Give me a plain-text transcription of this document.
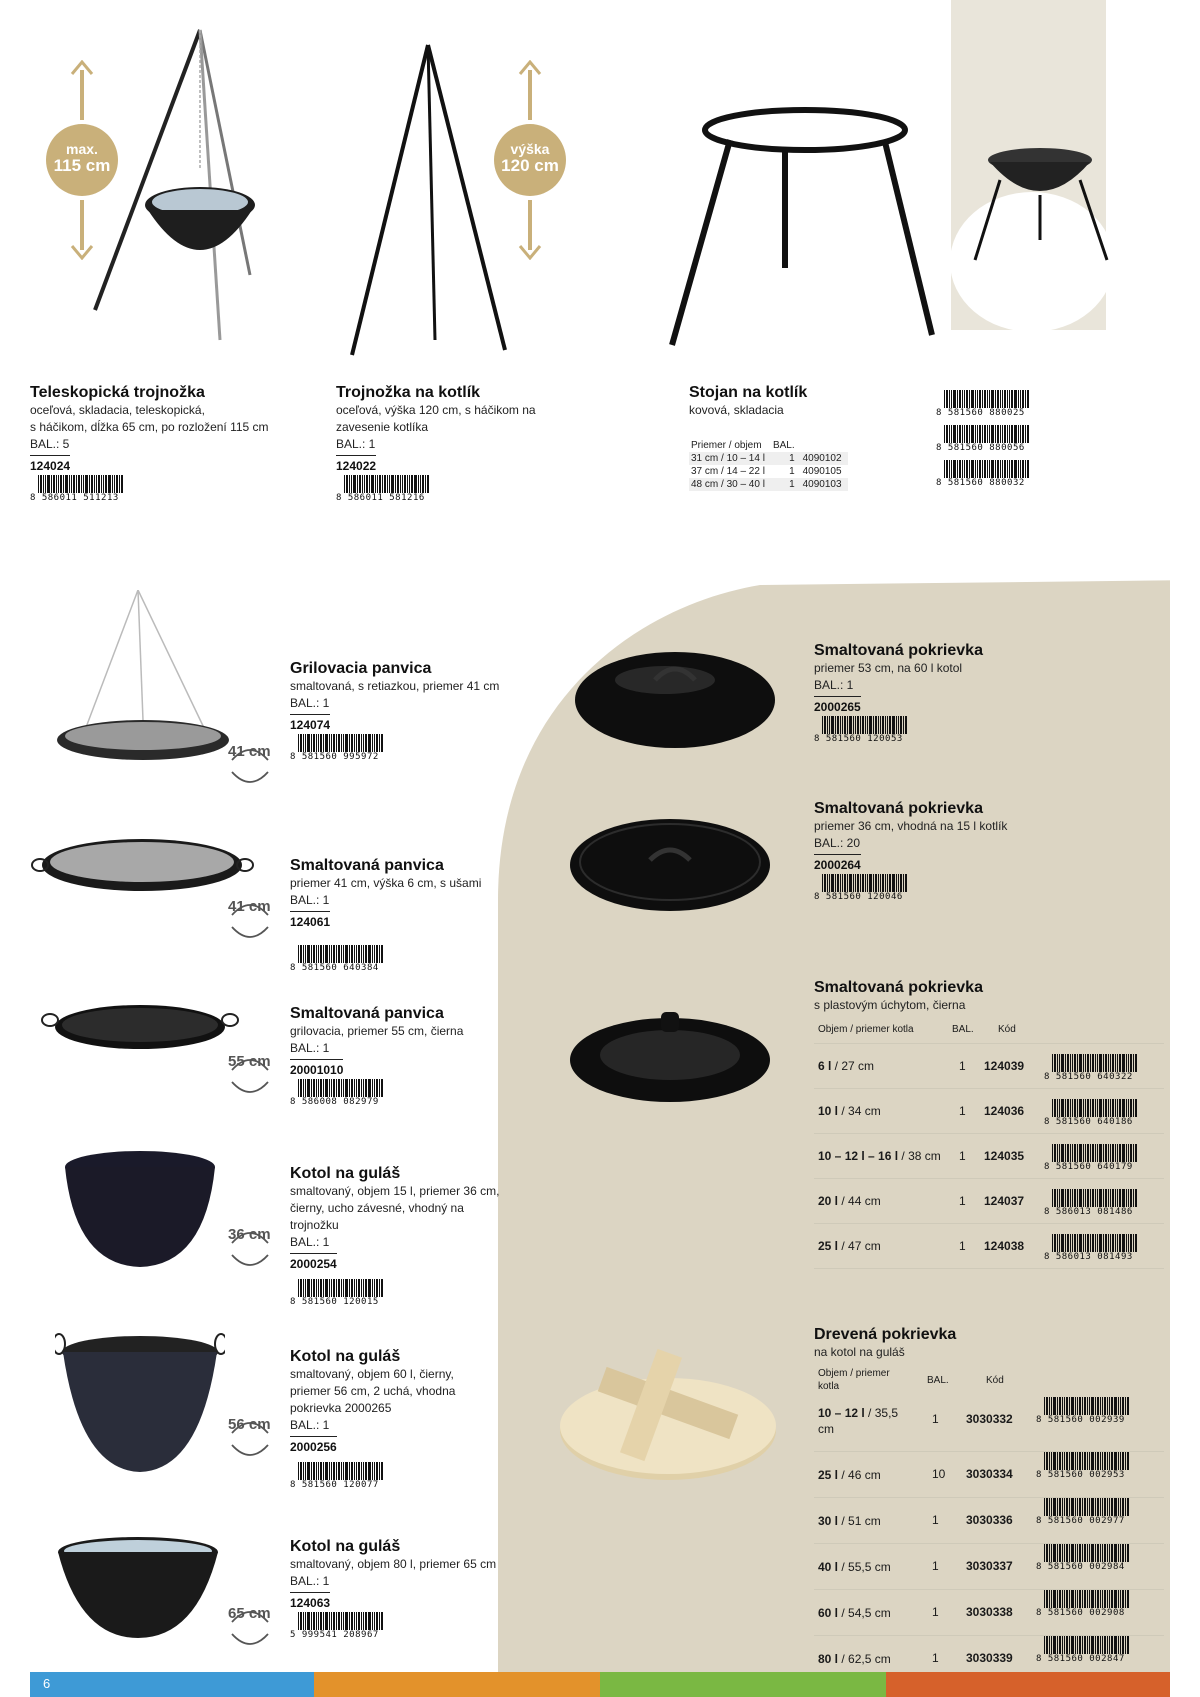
max.
115 cm
výška
120 cm
Teleskopická trojnožka
oceľová, skladacia, teleskopická,
s háčikom, dĺžka 65 cm, po rozložení 115 cm
BAL.: 5
124024
8 586011 511213
Trojnožka na kotlík
oceľová, výška 120 cm, s háčikom na
zavesenie kotlíka
BAL.: 1
124022
8 586011 581216
Stojan na kotlík
kovová, skladacia
Priemer / objem	BAL.	
31 cm / 10 – 14 l	1	4090102
37 cm / 14 – 22 l	1	4090105
48 cm / 30 – 40 l	1	4090103
8 581560 880025
8 581560 880056
8 581560 880032
Grilovacia panvica
smaltovaná, s retiazkou, priemer 41 cm
BAL.: 1
124074
8 581560 995972
Smaltovaná panvica
priemer 41 cm, výška 6 cm, s ušami
BAL.: 1
124061
8 581560 640384
Smaltovaná panvica
grilovacia, priemer 55 cm, čierna
BAL.: 1
20001010
8 586008 082979
Kotol na guláš
smaltovaný, objem 15 l, priemer 36 cm,
čierny, ucho závesné, vhodný na
trojnožku
BAL.: 1
2000254
8 581560 120015
Kotol na guláš
smaltovaný, objem 60 l, čierny,
priemer 56 cm, 2 uchá, vhodna
pokrievka 2000265
BAL.: 1
2000256
8 581560 120077
Kotol na guláš
smaltovaný, objem 80 l, priemer 65 cm
BAL.: 1
124063
5 999541 208967
41 cm
41 cm
55 cm
36 cm
56 cm
65 cm
Smaltovaná pokrievka
priemer 53 cm, na 60 l kotol
BAL.: 1
2000265
8 581560 120053
Smaltovaná pokrievka
priemer 36 cm, vhodná na 15 l kotlík
BAL.: 20
2000264
8 581560 120046
Smaltovaná pokrievka
s plastovým úchytom, čierna
Objem / priemer kotla	BAL. Kód
6 l / 27 cm	1 124039
8 581560 640322
10 l / 34 cm	1 124036
8 581560 640186
10 – 12 l – 16 l / 38 cm 1 124035
8 581560 640179
20 l / 44 cm	1 124037
8 586013 081486
25 l / 47 cm	1 124038
8 586013 081493
Drevená pokrievka
na kotol na guláš
Objem / priemer
kotla
BAL.	Kód
10 – 12 l / 35,5
cm
1 3030332	8 581560 002939
25 l / 46 cm	10 3030334	8 581560 002953
30 l / 51 cm	1 3030336	8 581560 002977
40 l / 55,5 cm	1 3030337	8 581560 002984
60 l / 54,5 cm	1 3030338	8 581560 002908
80 l / 62,5 cm	1 3030339	8 581560 002847
6
